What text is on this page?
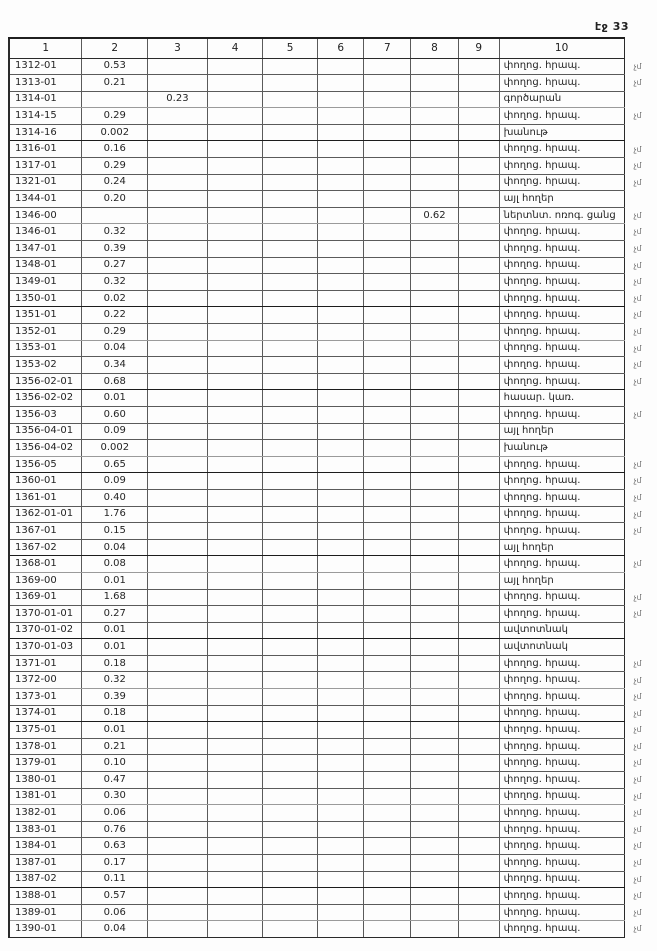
էջ 33
1	2	3	4	5	6	7	8	9	10	
1312-01	0.53								փողոց. հրապ.	չմ
1313-01	0.21								փողոց. հրապ.	չմ
1314-01		0.23							գործարան	
1314-15	0.29								փողոց. հրապ.	չմ
1314-16	0.002								խանութ	
1316-01	0.16								փողոց. հրապ.	չմ
1317-01	0.29								փողոց. հրապ.	չմ
1321-01	0.24								փողոց. հրապ.	չմ
1344-01	0.20								այլ հողեր	
1346-00							0.62		ներտնտ. ոռոգ. ցանց	չմ
1346-01	0.32								փողոց. հրապ.	չմ
1347-01	0.39								փողոց. հրապ.	չմ
1348-01	0.27								փողոց. հրապ.	չմ
1349-01	0.32								փողոց. հրապ.	չմ
1350-01	0.02								փողոց. հրապ.	չմ
1351-01	0.22								փողոց. հրապ.	չմ
1352-01	0.29								փողոց. հրապ.	չմ
1353-01	0.04								փողոց. հրապ.	չմ
1353-02	0.34								փողոց. հրապ.	չմ
1356-02-01	0.68								փողոց. հրապ.	չմ
1356-02-02	0.01								հասար. կառ.	
1356-03	0.60								փողոց. հրապ.	չմ
1356-04-01	0.09								այլ հողեր	
1356-04-02	0.002								խանութ	
1356-05	0.65								փողոց. հրապ.	չմ
1360-01	0.09								փողոց. հրապ.	չմ
1361-01	0.40								փողոց. հրապ.	չմ
1362-01-01	1.76								փողոց. հրապ.	չմ
1367-01	0.15								փողոց. հրապ.	չմ
1367-02	0.04								այլ հողեր	
1368-01	0.08								փողոց. հրապ.	չմ
1369-00	0.01								այլ հողեր	
1369-01	1.68								փողոց. հրապ.	չմ
1370-01-01	0.27								փողոց. հրապ.	չմ
1370-01-02	0.01								ավտոտնակ	
1370-01-03	0.01								ավտոտնակ	
1371-01	0.18								փողոց. հրապ.	չմ
1372-00	0.32								փողոց. հրապ.	չմ
1373-01	0.39								փողոց. հրապ.	չմ
1374-01	0.18								փողոց. հրապ.	չմ
1375-01	0.01								փողոց. հրապ.	չմ
1378-01	0.21								փողոց. հրապ.	չմ
1379-01	0.10								փողոց. հրապ.	չմ
1380-01	0.47								փողոց. հրապ.	չմ
1381-01	0.30								փողոց. հրապ.	չմ
1382-01	0.06								փողոց. հրապ.	չմ
1383-01	0.76								փողոց. հրապ.	չմ
1384-01	0.63								փողոց. հրապ.	չմ
1387-01	0.17								փողոց. հրապ.	չմ
1387-02	0.11								փողոց. հրապ.	չմ
1388-01	0.57								փողոց. հրապ.	չմ
1389-01	0.06								փողոց. հրապ.	չմ
1390-01	0.04								փողոց. հրապ.	չմ
